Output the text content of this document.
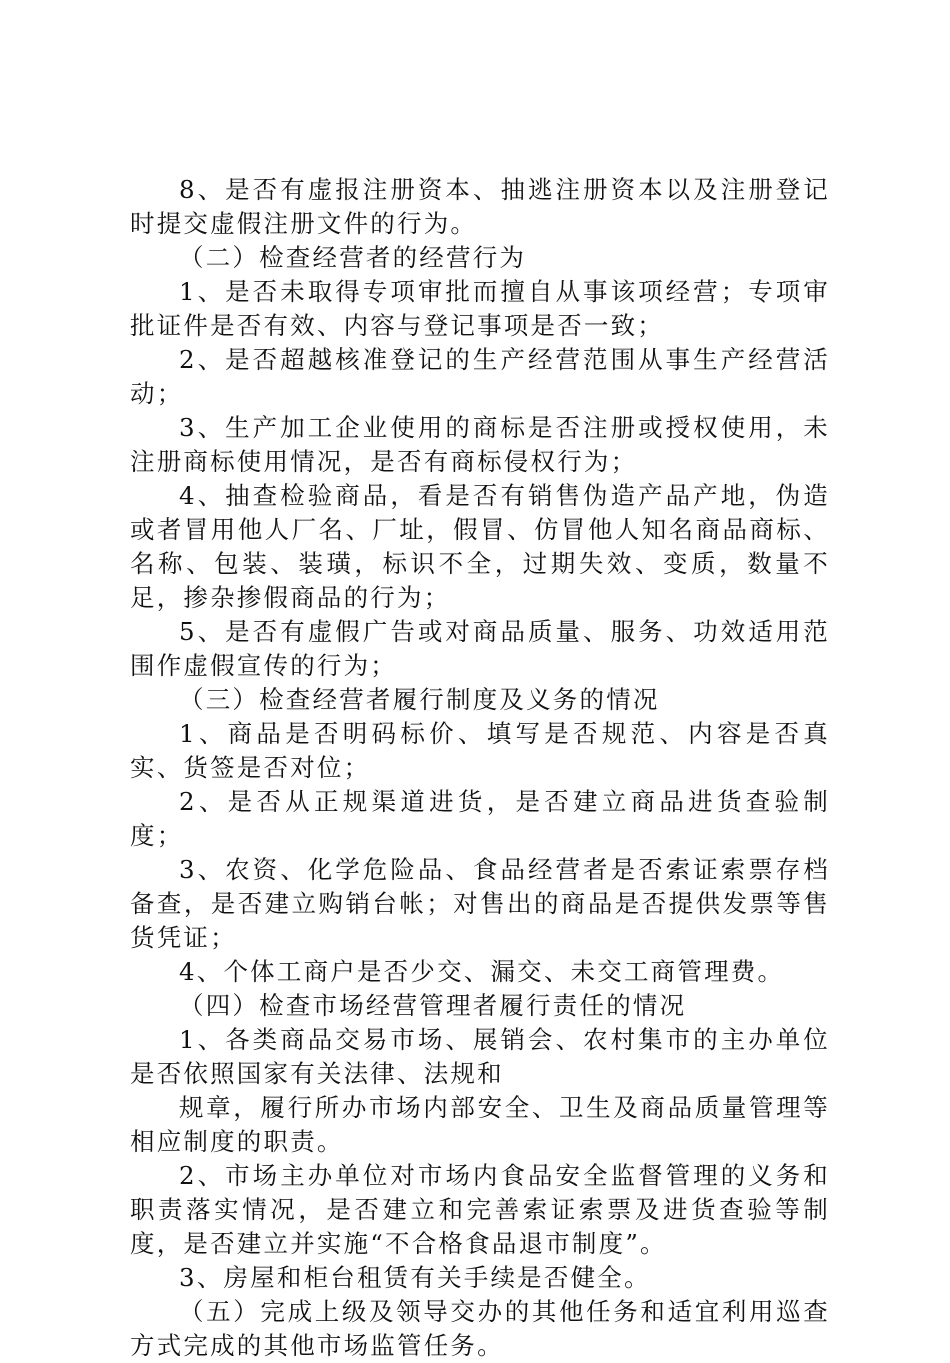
8、是否有虚报注册资本、抽逃注册资本以及注册登记时提交虚假注册文件的行为。

（二）检查经营者的经营行为

1、是否未取得专项审批而擅自从事该项经营；专项审批证件是否有效、内容与登记事项是否一致；

2、是否超越核准登记的生产经营范围从事生产经营活动；

3、生产加工企业使用的商标是否注册或授权使用，未注册商标使用情况，是否有商标侵权行为；

4、抽查检验商品，看是否有销售伪造产品产地，伪造或者冒用他人厂名、厂址，假冒、仿冒他人知名商品商标、名称、包装、装璜，标识不全，过期失效、变质，数量不足，掺杂掺假商品的行为；

5、是否有虚假广告或对商品质量、服务、功效适用范围作虚假宣传的行为；

（三）检查经营者履行制度及义务的情况

1、商品是否明码标价、填写是否规范、内容是否真实、货签是否对位；

2、是否从正规渠道进货，是否建立商品进货查验制度；

3、农资、化学危险品、食品经营者是否索证索票存档备查，是否建立购销台帐；对售出的商品是否提供发票等售货凭证；

4、个体工商户是否少交、漏交、未交工商管理费。

（四）检查市场经营管理者履行责任的情况

1、各类商品交易市场、展销会、农村集市的主办单位是否依照国家有关法律、法规和

规章，履行所办市场内部安全、卫生及商品质量管理等相应制度的职责。

2、市场主办单位对市场内食品安全监督管理的义务和职责落实情况，是否建立和完善索证索票及进货查验等制度，是否建立并实施“不合格食品退市制度”。

3、房屋和柜台租赁有关手续是否健全。

（五）完成上级及领导交办的其他任务和适宜利用巡查方式完成的其他市场监管任务。
